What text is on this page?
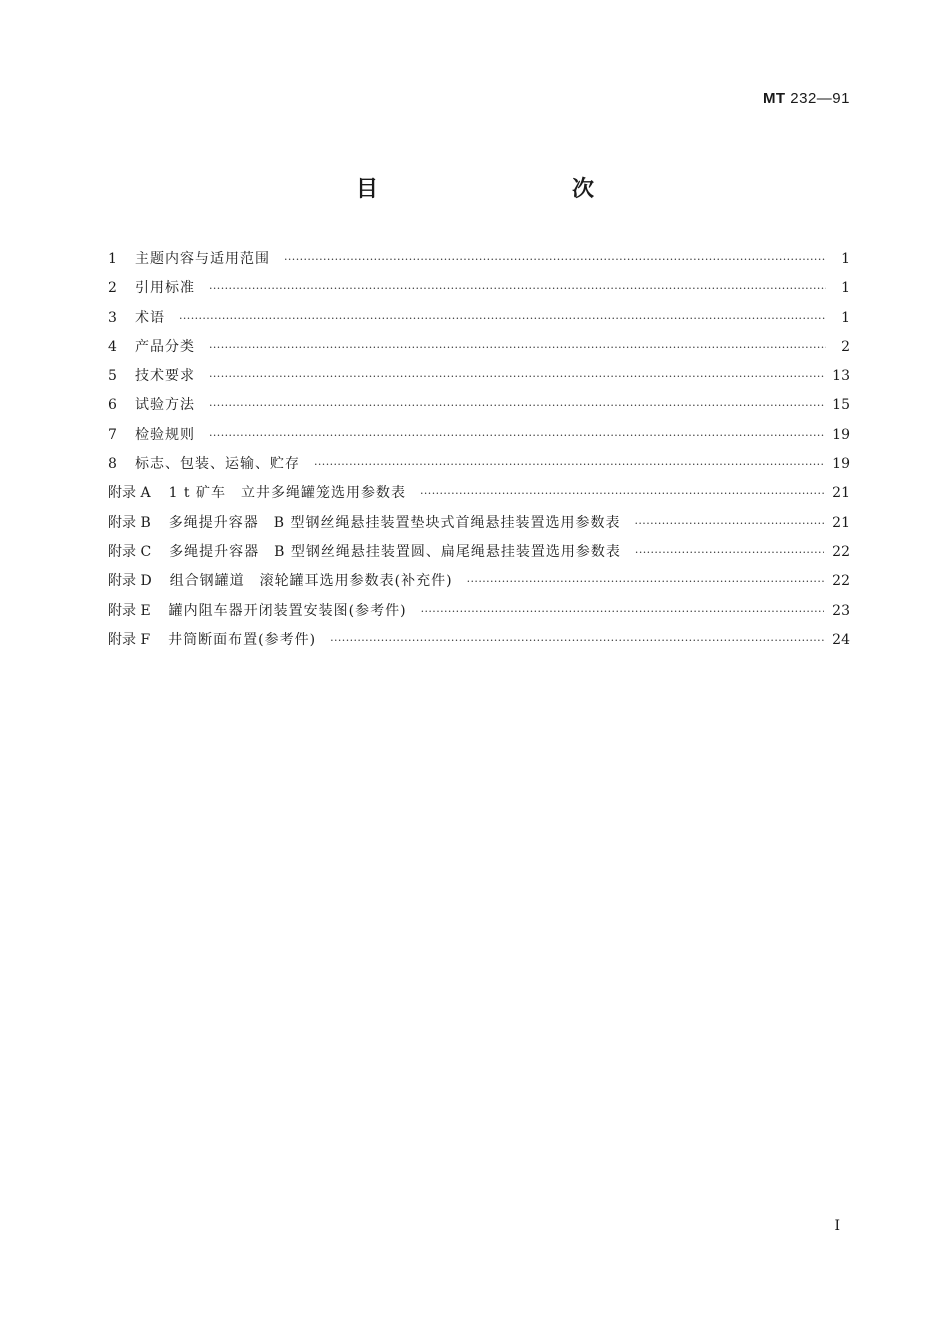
MT 232—91
目　　次
1	主题内容与适用范围 ·····	1
2	引用标准 ·····	1
3	术语 ·····	1
4	产品分类 ·····	2
5	技术要求 ·····	13
6	试验方法 ·····	15
7	检验规则 ·····	19
8	标志、包装、运输、贮存 ·····	19
附录 A 1 t 矿车　立井多绳罐笼选用参数表 ·····	21
附录 B 多绳提升容器　B 型钢丝绳悬挂装置垫块式首绳悬挂装置选用参数表 ·····	21
附录 C 多绳提升容器　B 型钢丝绳悬挂装置圆、扁尾绳悬挂装置选用参数表 ·····	22
附录 D 组合钢罐道　滚轮罐耳选用参数表(补充件) ·····	22
附录 E 罐内阻车器开闭装置安装图(参考件) ·····	23
附录 F 井筒断面布置(参考件) ·····	24
I
